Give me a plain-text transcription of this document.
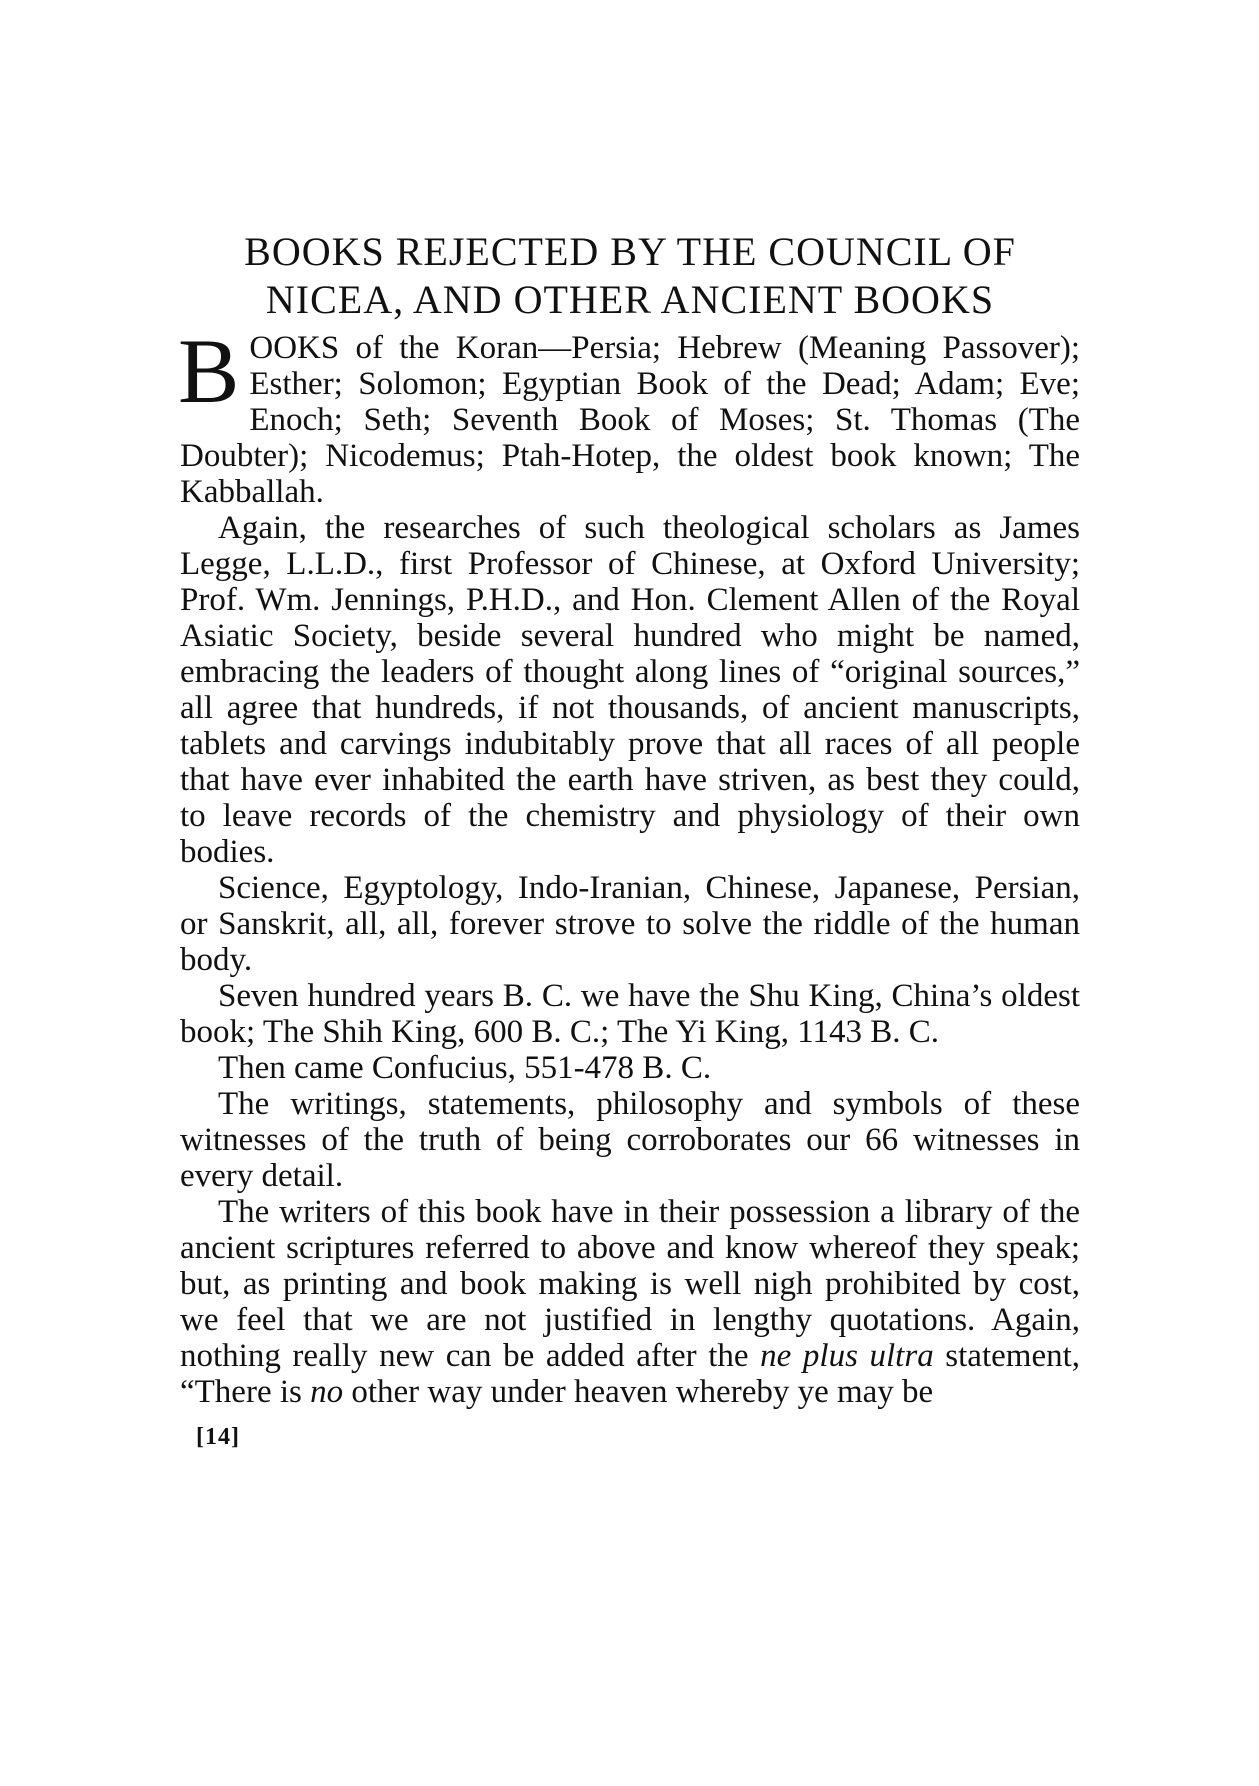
BOOKS REJECTED BY THE COUNCIL OF
NICEA, AND OTHER ANCIENT BOOKS

BOOKS of the Koran—Persia; Hebrew (Meaning Passover); Esther; Solomon; Egyptian Book of the Dead; Adam; Eve; Enoch; Seth; Seventh Book of Moses; St. Thomas (The Doubter); Nicodemus; Ptah-Hotep, the oldest book known; The Kabballah.

Again, the researches of such theological scholars as James Legge, L.L.D., first Professor of Chinese, at Oxford University; Prof. Wm. Jennings, P.H.D., and Hon. Clement Allen of the Royal Asiatic Society, beside several hundred who might be named, embracing the leaders of thought along lines of “original sources,” all agree that hundreds, if not thousands, of ancient manuscripts, tablets and carvings indubitably prove that all races of all people that have ever inhabited the earth have striven, as best they could, to leave records of the chemistry and physiology of their own bodies.

Science, Egyptology, Indo-Iranian, Chinese, Japanese, Persian, or Sanskrit, all, all, forever strove to solve the riddle of the human body.

Seven hundred years B. C. we have the Shu King, China’s oldest book; The Shih King, 600 B. C.; The Yi King, 1143 B. C.

Then came Confucius, 551-478 B. C.

The writings, statements, philosophy and symbols of these witnesses of the truth of being corroborates our 66 witnesses in every detail.

The writers of this book have in their possession a library of the ancient scriptures referred to above and know whereof they speak; but, as printing and book making is well nigh prohibited by cost, we feel that we are not justified in lengthy quotations. Again, nothing really new can be added after the ne plus ultra statement, “There is no other way under heaven whereby ye may be

[14]
